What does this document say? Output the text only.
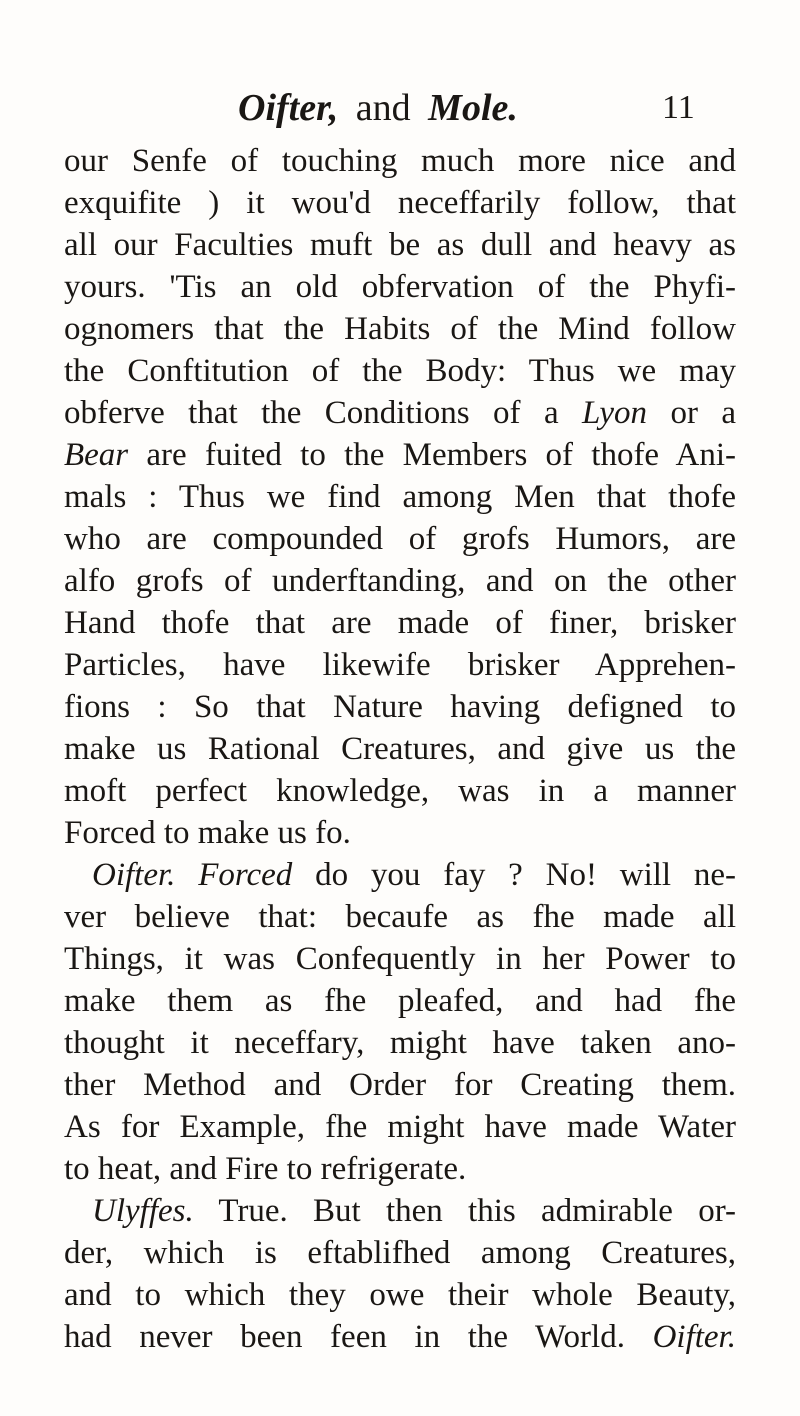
Oifter, and Mole.	11
our Senfe of touching much more nice and
exquifite ) it wou'd neceffarily follow, that
all our Faculties muft be as dull and heavy as
yours. 'Tis an old obfervation of the Phyfi-
ognomers that the Habits of the Mind follow
the Conftitution of the Body: Thus we may
obferve that the Conditions of a Lyon or a
Bear are fuited to the Members of thofe Ani-
mals : Thus we find among Men that thofe
who are compounded of grofs Humors, are
alfo grofs of underftanding, and on the other
Hand thofe that are made of finer, brisker
Particles, have likewife brisker Apprehen-
fions : So that Nature having defigned to
make us Rational Creatures, and give us the
moft perfect knowledge, was in a manner
Forced to make us fo.
Oifter. Forced do you fay ? No! will ne-
ver believe that: becaufe as fhe made all
Things, it was Confequently in her Power to
make them as fhe pleafed, and had fhe
thought it neceffary, might have taken ano-
ther Method and Order for Creating them.
As for Example, fhe might have made Water
to heat, and Fire to refrigerate.
Ulyffes. True. But then this admirable or-
der, which is eftablifhed among Creatures,
and to which they owe their whole Beauty,
had never been feen in the World. Oifter.
